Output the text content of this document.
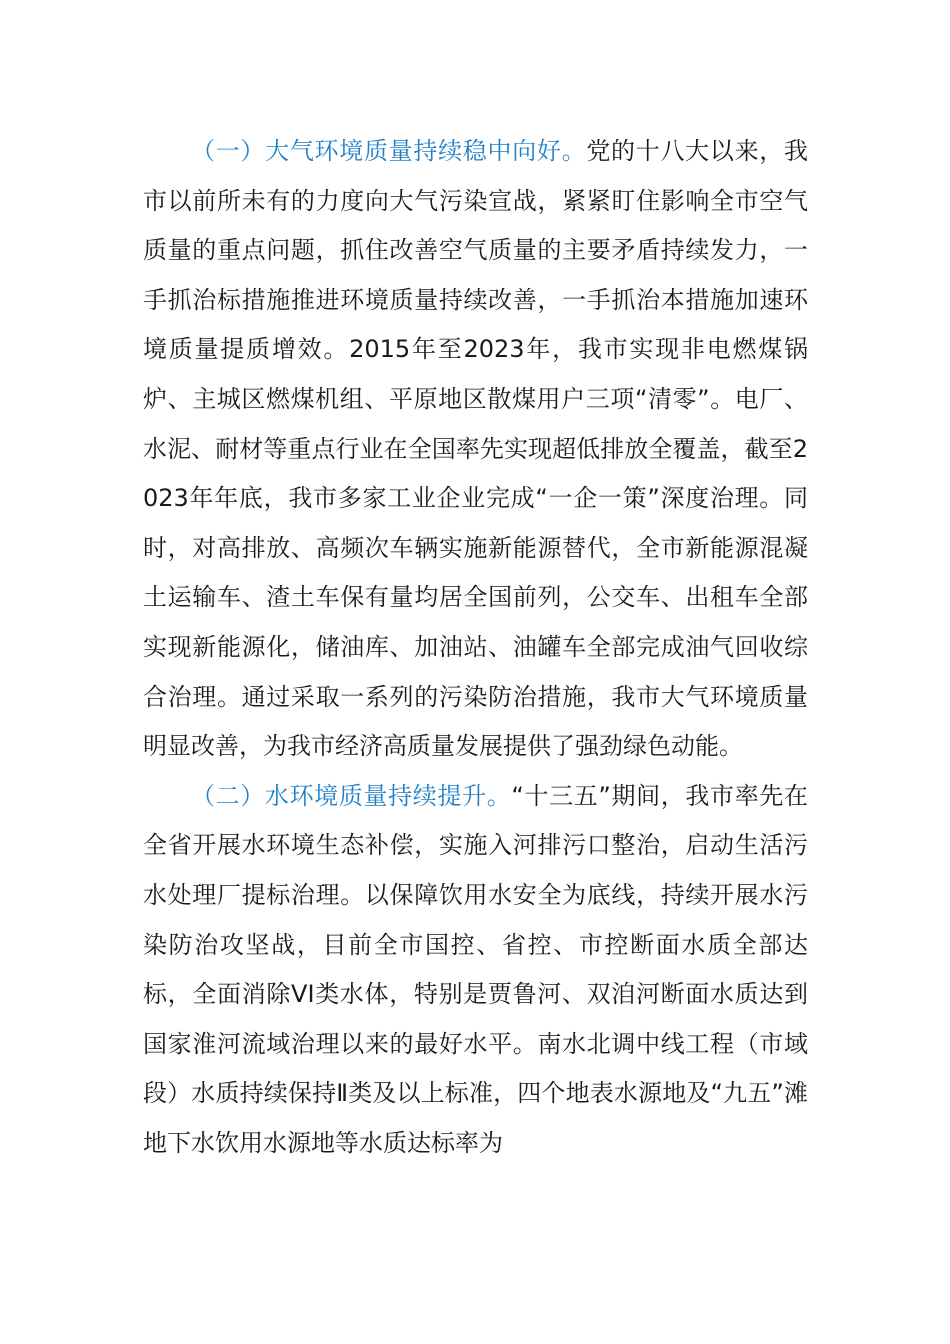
（一）大气环境质量持续稳中向好。党的十八大以来，我市以前所未有的力度向大气污染宣战，紧紧盯住影响全市空气质量的重点问题，抓住改善空气质量的主要矛盾持续发力，一手抓治标措施推进环境质量持续改善，一手抓治本措施加速环境质量提质增效。2015年至2023年，我市实现非电燃煤锅炉、主城区燃煤机组、平原地区散煤用户三项“清零”。电厂、水泥、耐材等重点行业在全国率先实现超低排放全覆盖，截至2023年年底，我市多家工业企业完成“一企一策”深度治理。同时，对高排放、高频次车辆实施新能源替代，全市新能源混凝土运输车、渣土车保有量均居全国前列，公交车、出租车全部实现新能源化，储油库、加油站、油罐车全部完成油气回收综合治理。通过采取一系列的污染防治措施，我市大气环境质量明显改善，为我市经济高质量发展提供了强劲绿色动能。

（二）水环境质量持续提升。“十三五”期间，我市率先在全省开展水环境生态补偿，实施入河排污口整治，启动生活污水处理厂提标治理。以保障饮用水安全为底线，持续开展水污染防治攻坚战，目前全市国控、省控、市控断面水质全部达标，全面消除VI类水体，特别是贾鲁河、双洎河断面水质达到国家淮河流域治理以来的最好水平。南水北调中线工程（市域段）水质持续保持Ⅱ类及以上标准，四个地表水源地及“九五”滩地下水饮用水源地等水质达标率为
